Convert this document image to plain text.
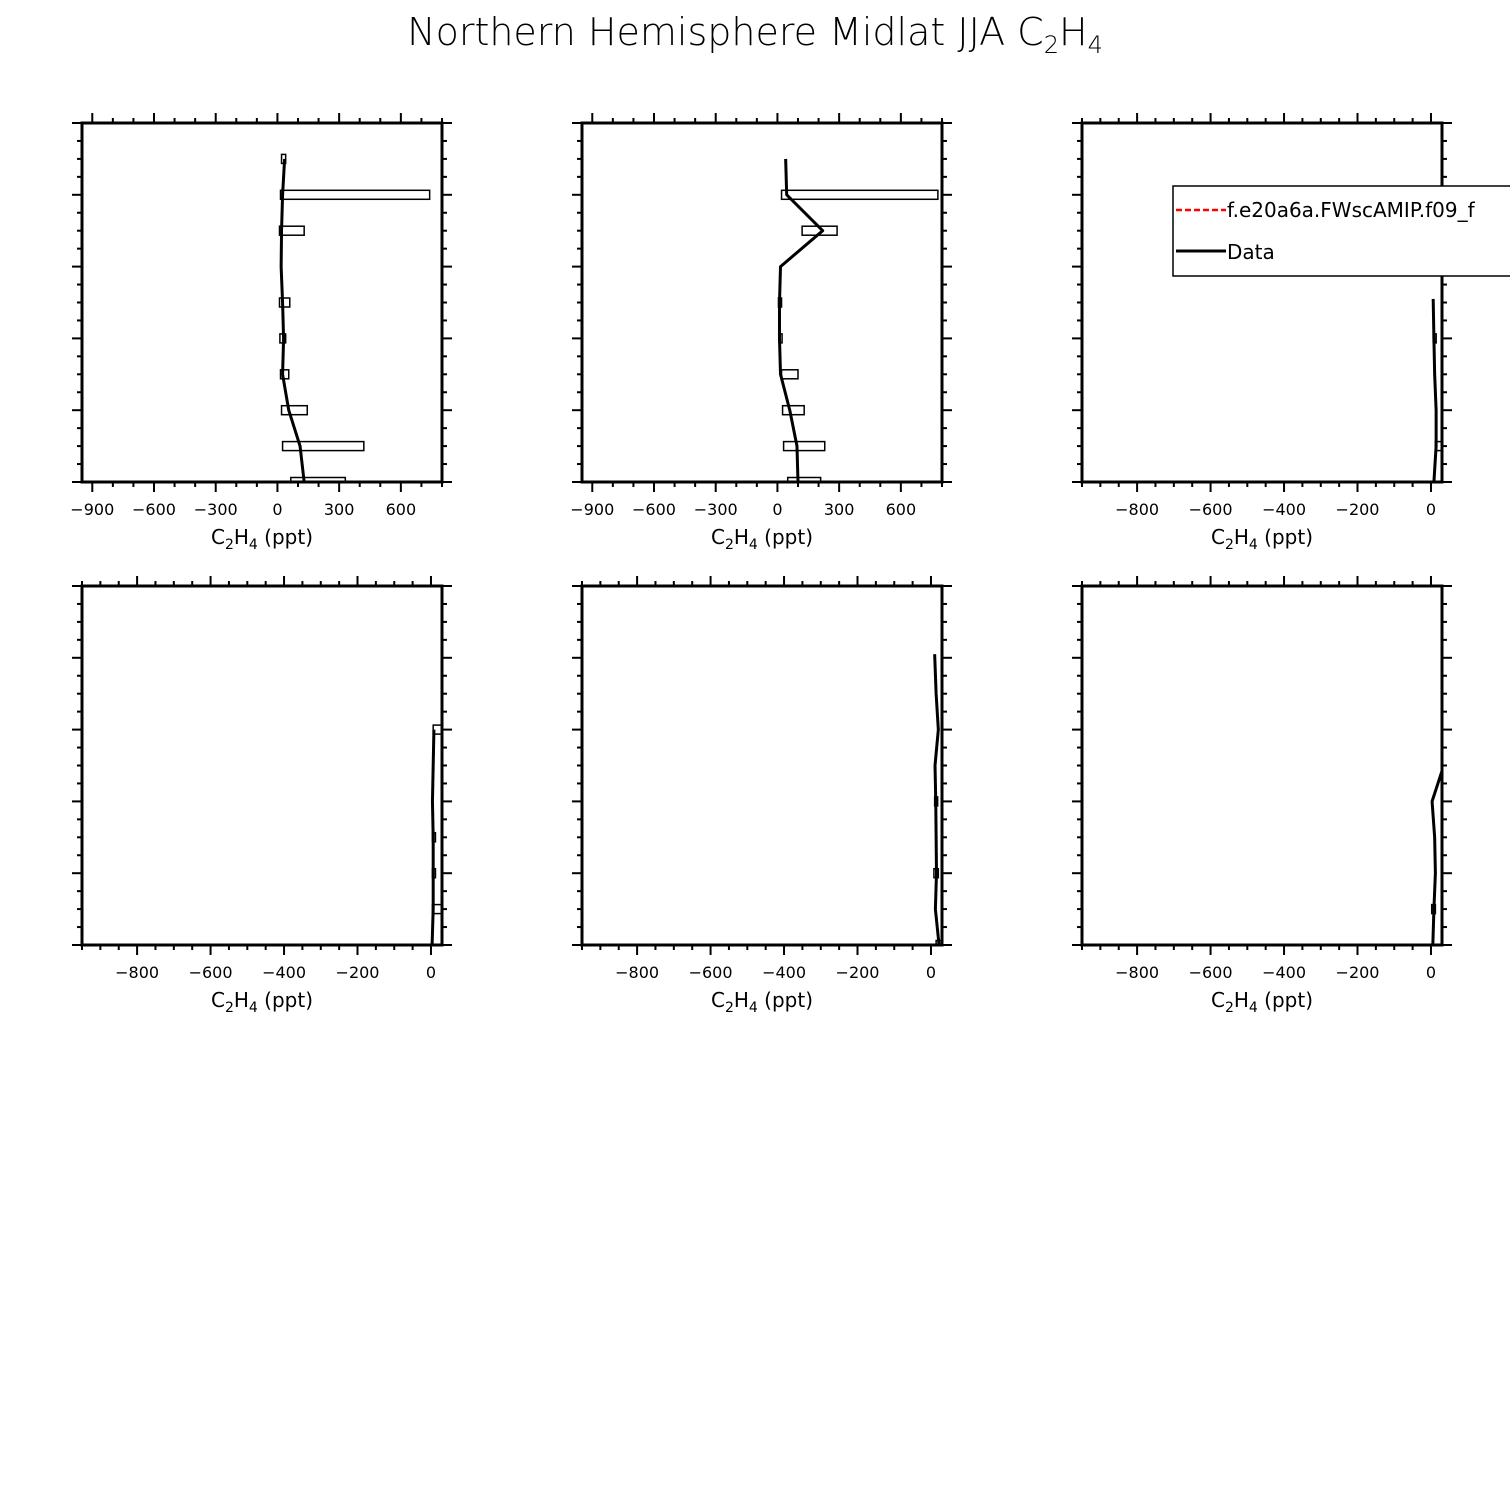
Northern Hemisphere Midlat JJA $C_2H_4$
−900 −600 −300 0	300 600
$C_2H_4$ (ppt)
−900 −600 −300 0	300 600
$C_2H_4$ (ppt)
−800 −600 −400 −200	0
$C_2H_4$ (ppt)
−800 −600 −400 −200	0
$C_2H_4$ (ppt)
−800 −600 −400 −200	0
$C_2H_4$ (ppt)
−800 −600 −400 −200	0
$C_2H_4$ (ppt)
f.e20a6a.FWscAMIP.f09_f
Data
